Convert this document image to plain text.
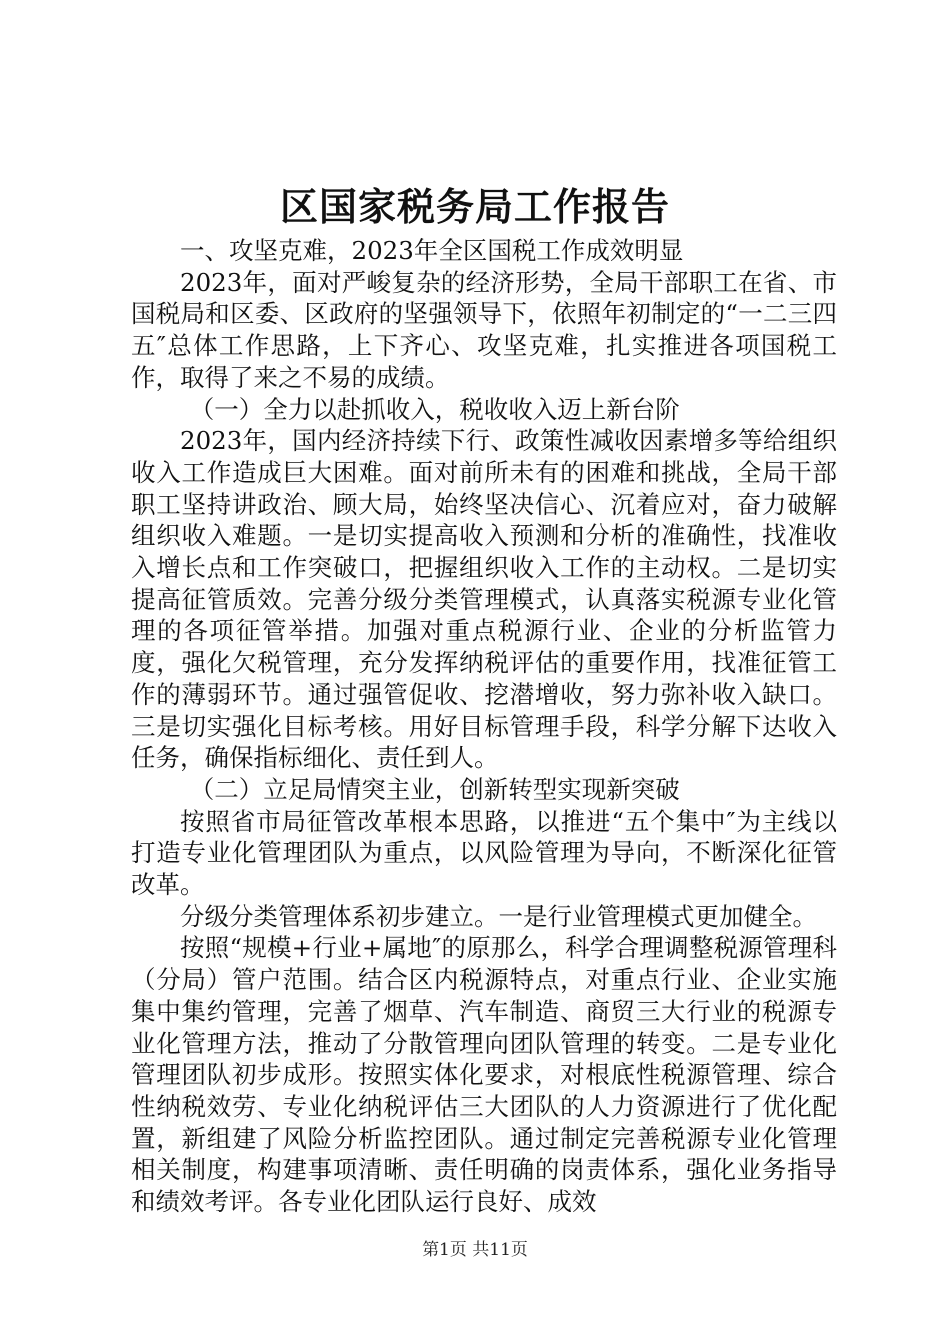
区国家税务局工作报告

一、攻坚克难，2023年全区国税工作成效明显

2023年，面对严峻复杂的经济形势，全局干部职工在省、市国税局和区委、区政府的坚强领导下，依照年初制定的“一二三四五″总体工作思路，上下齐心、攻坚克难，扎实推进各项国税工作，取得了来之不易的成绩。

（一）全力以赴抓收入，税收收入迈上新台阶

2023年，国内经济持续下行、政策性减收因素增多等给组织收入工作造成巨大困难。面对前所未有的困难和挑战，全局干部职工坚持讲政治、顾大局，始终坚决信心、沉着应对，奋力破解组织收入难题。一是切实提高收入预测和分析的准确性，找准收入增长点和工作突破口，把握组织收入工作的主动权。二是切实提高征管质效。完善分级分类管理模式，认真落实税源专业化管理的各项征管举措。加强对重点税源行业、企业的分析监管力度，强化欠税管理，充分发挥纳税评估的重要作用，找准征管工作的薄弱环节。通过强管促收、挖潜增收，努力弥补收入缺口。三是切实强化目标考核。用好目标管理手段，科学分解下达收入任务，确保指标细化、责任到人。

（二）立足局情突主业，创新转型实现新突破

按照省市局征管改革根本思路，以推进“五个集中″为主线以打造专业化管理团队为重点，以风险管理为导向，不断深化征管改革。

分级分类管理体系初步建立。一是行业管理模式更加健全。

按照“规模+行业+属地″的原那么，科学合理调整税源管理科（分局）管户范围。结合区内税源特点，对重点行业、企业实施集中集约管理，完善了烟草、汽车制造、商贸三大行业的税源专业化管理方法，推动了分散管理向团队管理的转变。二是专业化管理团队初步成形。按照实体化要求，对根底性税源管理、综合性纳税效劳、专业化纳税评估三大团队的人力资源进行了优化配置，新组建了风险分析监控团队。通过制定完善税源专业化管理相关制度，构建事项清晰、责任明确的岗责体系，强化业务指导和绩效考评。各专业化团队运行良好、成效

第1页 共11页
